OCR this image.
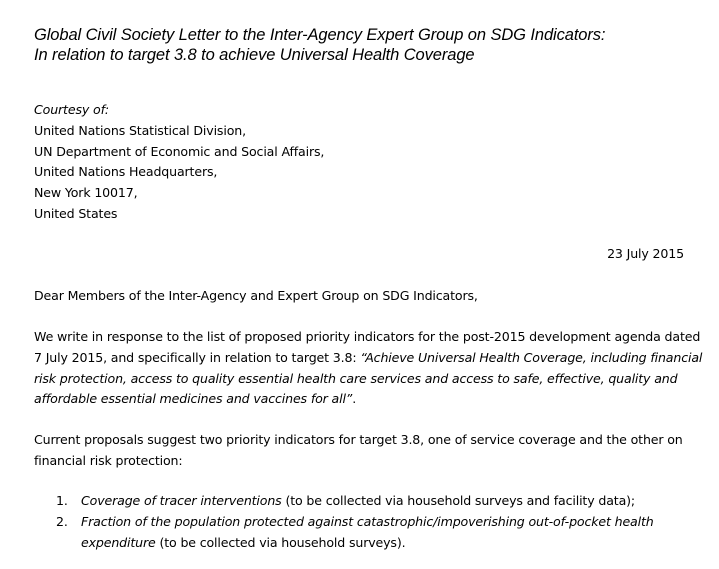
Global Civil Society Letter to the Inter-Agency Expert Group on SDG Indicators:
In relation to target 3.8 to achieve Universal Health Coverage
Courtesy of:
United Nations Statistical Division,
UN Department of Economic and Social Affairs,
United Nations Headquarters,
New York 10017,
United States
23 July 2015
Dear Members of the Inter-Agency and Expert Group on SDG Indicators,
We write in response to the list of proposed priority indicators for the post-2015 development agenda dated
7 July 2015, and specifically in relation to target 3.8: “Achieve Universal Health Coverage, including financial
risk protection, access to quality essential health care services and access to safe, effective, quality and
affordable essential medicines and vaccines for all”.
Current proposals suggest two priority indicators for target 3.8, one of service coverage and the other on
financial risk protection:
1. Coverage of tracer interventions (to be collected via household surveys and facility data);
2. Fraction of the population protected against catastrophic/impoverishing out-of-pocket health
expenditure (to be collected via household surveys).
